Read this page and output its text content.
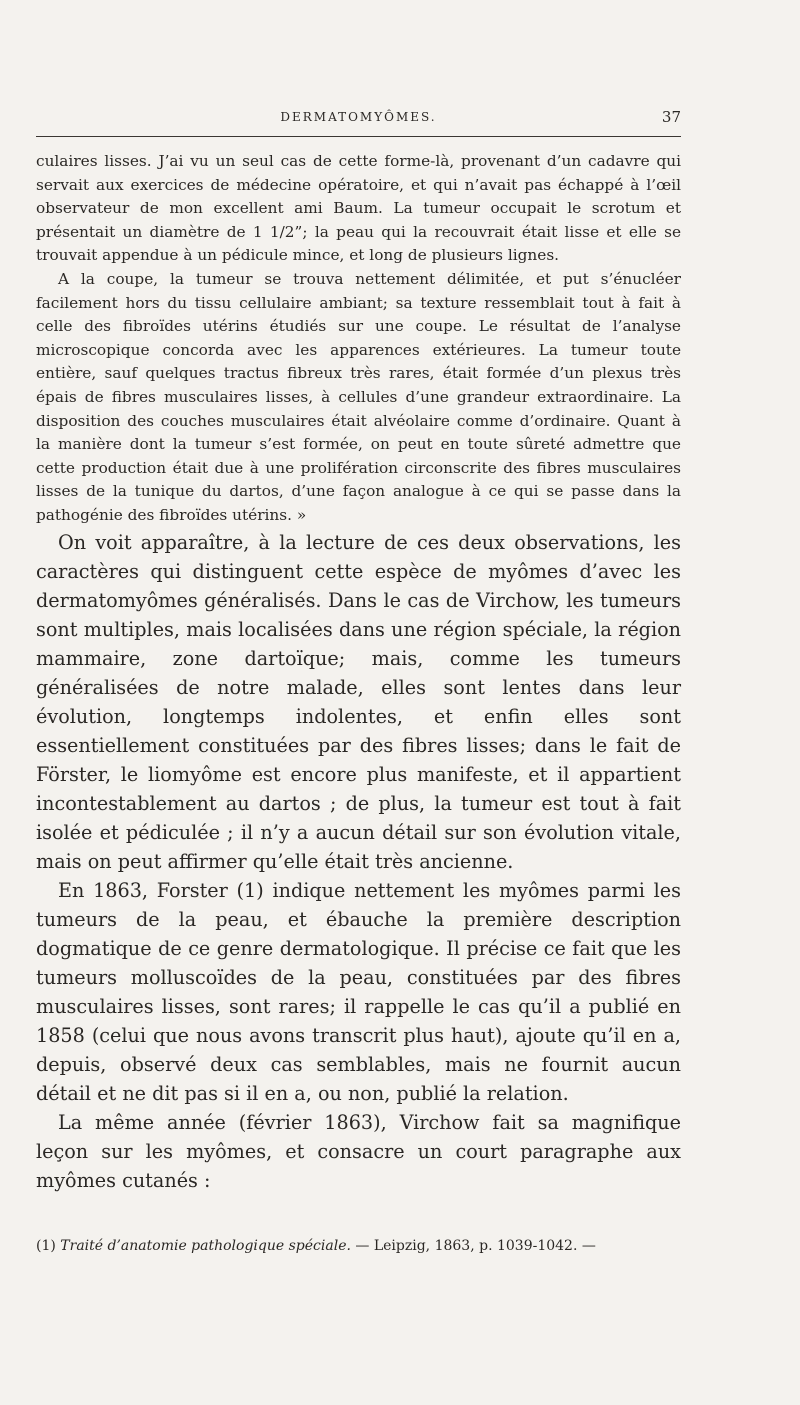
DERMATOMYÔMES.	37

culaires lisses. J’ai vu un seul cas de cette forme-là, provenant d’un cadavre qui servait aux exercices de médecine opératoire, et qui n’avait pas échappé à l’œil observateur de mon excellent ami Baum. La tumeur occupait le scrotum et présentait un diamètre de 1 1/2”; la peau qui la recouvrait était lisse et elle se trouvait appendue à un pédicule mince, et long de plusieurs lignes.

A la coupe, la tumeur se trouva nettement délimitée, et put s’énucléer facilement hors du tissu cellulaire ambiant; sa texture ressemblait tout à fait à celle des fibroïdes utérins étudiés sur une coupe. Le résultat de l’analyse microscopique concorda avec les apparences extérieures. La tumeur toute entière, sauf quelques tractus fibreux très rares, était formée d’un plexus très épais de fibres musculaires lisses, à cellules d’une grandeur extraordinaire. La disposition des couches musculaires était alvéolaire comme d’ordinaire. Quant à la manière dont la tumeur s’est formée, on peut en toute sûreté admettre que cette production était due à une prolifération circonscrite des fibres musculaires lisses de la tunique du dartos, d’une façon analogue à ce qui se passe dans la pathogénie des fibroïdes utérins. »

On voit apparaître, à la lecture de ces deux observations, les caractères qui distinguent cette espèce de myômes d’avec les dermatomyômes généralisés. Dans le cas de Virchow, les tumeurs sont multiples, mais localisées dans une région spéciale, la région mammaire, zone dartoïque; mais, comme les tumeurs généralisées de notre malade, elles sont lentes dans leur évolution, longtemps indolentes, et enfin elles sont essentiellement constituées par des fibres lisses; dans le fait de Förster, le liomyôme est encore plus manifeste, et il appartient incontestablement au dartos ; de plus, la tumeur est tout à fait isolée et pédiculée ; il n’y a aucun détail sur son évolution vitale, mais on peut affirmer qu’elle était très ancienne.

En 1863, Forster (1) indique nettement les myômes parmi les tumeurs de la peau, et ébauche la première description dogmatique de ce genre dermatologique. Il précise ce fait que les tumeurs molluscoïdes de la peau, constituées par des fibres musculaires lisses, sont rares; il rappelle le cas qu’il a publié en 1858 (celui que nous avons transcrit plus haut), ajoute qu’il en a, depuis, observé deux cas semblables, mais ne fournit aucun détail et ne dit pas si il en a, ou non, publié la relation.

La même année (février 1863), Virchow fait sa magnifique leçon sur les myômes, et consacre un court paragraphe aux myômes cutanés :

(1) Traité d’anatomie pathologique spéciale. — Leipzig, 1863, p. 1039-1042. —
